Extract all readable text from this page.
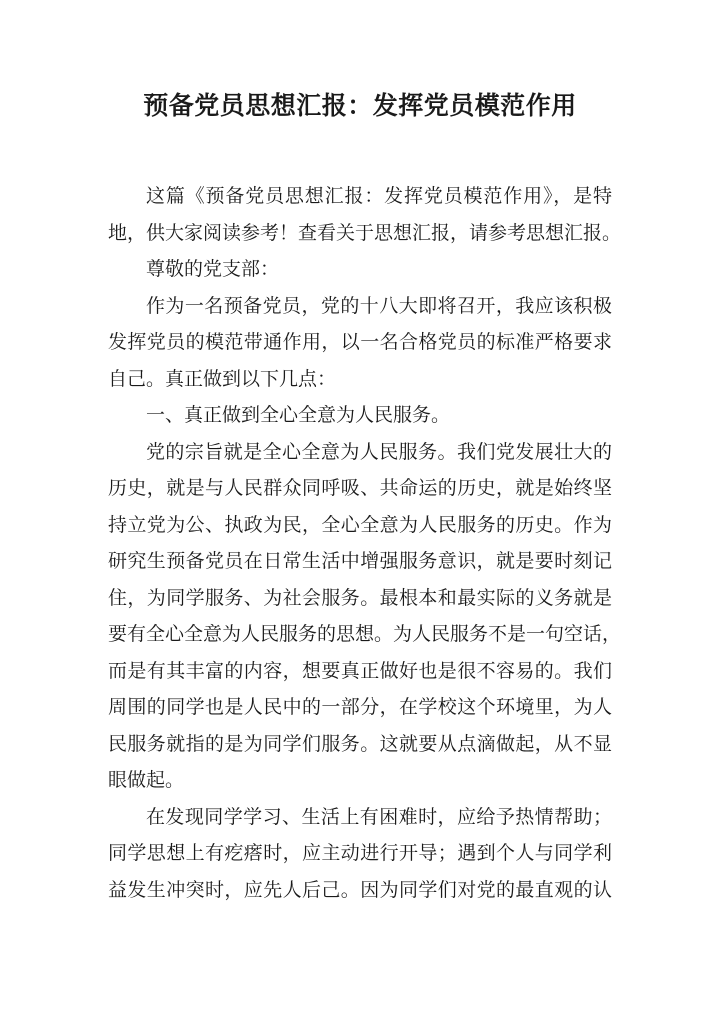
预备党员思想汇报：发挥党员模范作用
这篇《预备党员思想汇报：发挥党员模范作用》，是特
地，供大家阅读参考！查看关于思想汇报，请参考思想汇报。
尊敬的党支部：
作为一名预备党员，党的十八大即将召开，我应该积极
发挥党员的模范带通作用，以一名合格党员的标准严格要求
自己。真正做到以下几点：
一、真正做到全心全意为人民服务。
党的宗旨就是全心全意为人民服务。我们党发展壮大的
历史，就是与人民群众同呼吸、共命运的历史，就是始终坚
持立党为公、执政为民，全心全意为人民服务的历史。作为
研究生预备党员在日常生活中增强服务意识，就是要时刻记
住，为同学服务、为社会服务。最根本和最实际的义务就是
要有全心全意为人民服务的思想。为人民服务不是一句空话，
而是有其丰富的内容，想要真正做好也是很不容易的。我们
周围的同学也是人民中的一部分，在学校这个环境里，为人
民服务就指的是为同学们服务。这就要从点滴做起，从不显
眼做起。
在发现同学学习、生活上有困难时，应给予热情帮助；
同学思想上有疙瘩时，应主动进行开导；遇到个人与同学利
益发生冲突时，应先人后己。因为同学们对党的最直观的认
